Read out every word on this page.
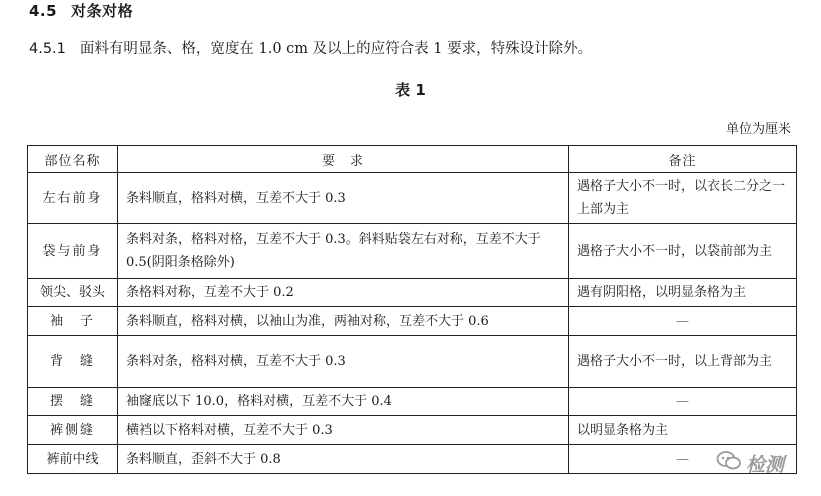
4.5 对条对格
4.5.1 面料有明显条、格，宽度在 1.0 cm 及以上的应符合表 1 要求，特殊设计除外。
表 1
单位为厘米
部位名称	要　求	备注
左右前身	条料顺直，格料对横，互差不大于 0.3	遇格子大小不一时，以衣长二分之一上部为主
袋与前身	条料对条，格料对格，互差不大于 0.3。斜料贴袋左右对称，互差不大于 0.5(阴阳条格除外)	遇格子大小不一时，以袋前部为主
领尖、驳头	条格料对称，互差不大于 0.2	遇有阴阳格，以明显条格为主
袖　子	条料顺直，格料对横，以袖山为准，两袖对称，互差不大于 0.6	—
背　缝	条料对条，格料对横，互差不大于 0.3	遇格子大小不一时，以上背部为主
摆　缝	袖窿底以下 10.0，格料对横，互差不大于 0.4	—
裤侧缝	横裆以下格料对横，互差不大于 0.3	以明显条格为主
裤前中线	条料顺直，歪斜不大于 0.8	—	检测
